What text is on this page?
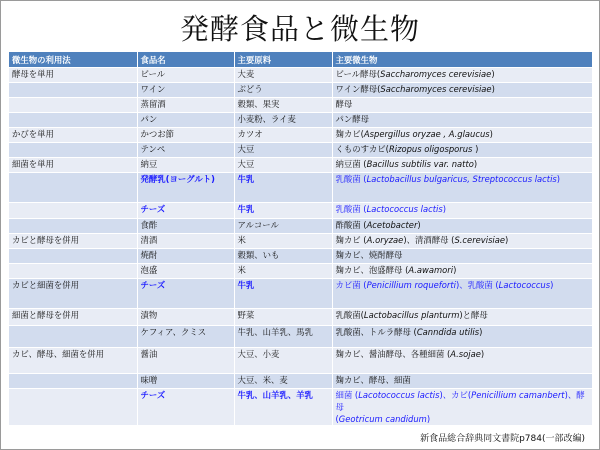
発酵食品と微生物
微生物の利用法	食品名	主要原料	主要微生物
酵母を単用	ビール	大麦	ビール酵母(Saccharomyces cerevisiae)
	ワイン	ぶどう	ワイン酵母(Saccharomyces cerevisiae)
	蒸留酒	穀類、果実	酵母
	パン	小麦粉、ライ麦	パン酵母
かびを単用	かつお節	カツオ	麹カビ(Aspergillus oryzae , A.glaucus)
	テンペ	大豆	くものすカビ(Rizopus oligosporus )
細菌を単用	納豆	大豆	納豆菌 (Bacillus subtilis var. natto)
	発酵乳(ヨーグルト)	牛乳	乳酸菌 (Lactobacillus bulgaricus, Streptococcus lactis)
	チーズ	牛乳	乳酸菌 (Lactococcus lactis)
	食酢	アルコール	酢酸菌 (Acetobacter)
カビと酵母を併用	清酒	米	麹カビ (A.oryzae)、清酒酵母 (S.cerevisiae)
	焼酎	穀類、いも	麹カビ、焼酎酵母
	泡盛	米	麹カビ、泡盛酵母 (A.awamori)
カビと細菌を併用	チーズ	牛乳	カビ菌 (Penicillium roqueforti)、乳酸菌 (Lactococcus)
細菌と酵母を併用	漬物	野菜	乳酸菌(Lactobacillus planturm)と酵母
	ケフィア、クミス	牛乳、山羊乳、馬乳	乳酸菌、トルラ酵母 (Canndida utilis)
カビ、酵母、細菌を併用	醤油	大豆、小麦	麹カビ、醤油酵母、各種細菌 (A.sojae)
	味噌	大豆、米、麦	麹カビ、酵母、細菌
	チーズ	牛乳、山羊乳、羊乳	細菌 (Lacotococcus lactis)、カビ(Penicillium camanbert)、酵母
(Geotricum candidum)
新食品総合辞典同文書院p784(一部改編)
